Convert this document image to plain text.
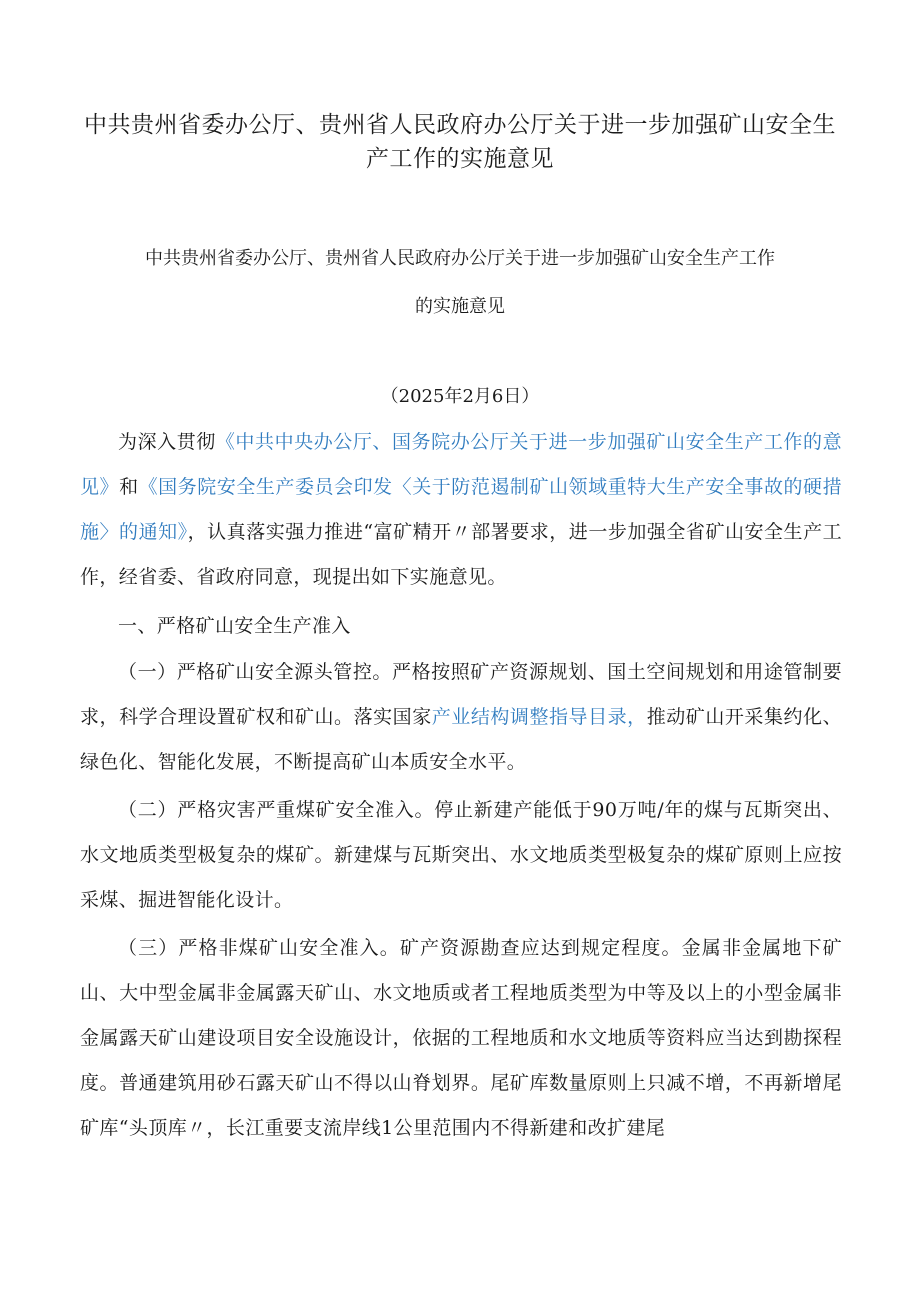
中共贵州省委办公厅、贵州省人民政府办公厅关于进一步加强矿山安全生产工作的实施意见
中共贵州省委办公厅、贵州省人民政府办公厅关于进一步加强矿山安全生产工作
的实施意见
（2025年2月6日）

为深入贯彻《中共中央办公厅、国务院办公厅关于进一步加强矿山安全生产工作的意见》和《国务院安全生产委员会印发〈关于防范遏制矿山领域重特大生产安全事故的硬措施〉的通知》，认真落实强力推进“富矿精开〃部署要求，进一步加强全省矿山安全生产工作，经省委、省政府同意，现提出如下实施意见。

一、严格矿山安全生产准入

（一）严格矿山安全源头管控。严格按照矿产资源规划、国土空间规划和用途管制要求，科学合理设置矿权和矿山。落实国家产业结构调整指导目录，推动矿山开采集约化、绿色化、智能化发展，不断提高矿山本质安全水平。

（二）严格灾害严重煤矿安全准入。停止新建产能低于90万吨/年的煤与瓦斯突出、水文地质类型极复杂的煤矿。新建煤与瓦斯突出、水文地质类型极复杂的煤矿原则上应按采煤、掘进智能化设计。

（三）严格非煤矿山安全准入。矿产资源勘查应达到规定程度。金属非金属地下矿山、大中型金属非金属露天矿山、水文地质或者工程地质类型为中等及以上的小型金属非金属露天矿山建设项目安全设施设计，依据的工程地质和水文地质等资料应当达到勘探程度。普通建筑用砂石露天矿山不得以山脊划界。尾矿库数量原则上只减不增，不再新增尾矿库“头顶库〃，长江重要支流岸线1公里范围内不得新建和改扩建尾
